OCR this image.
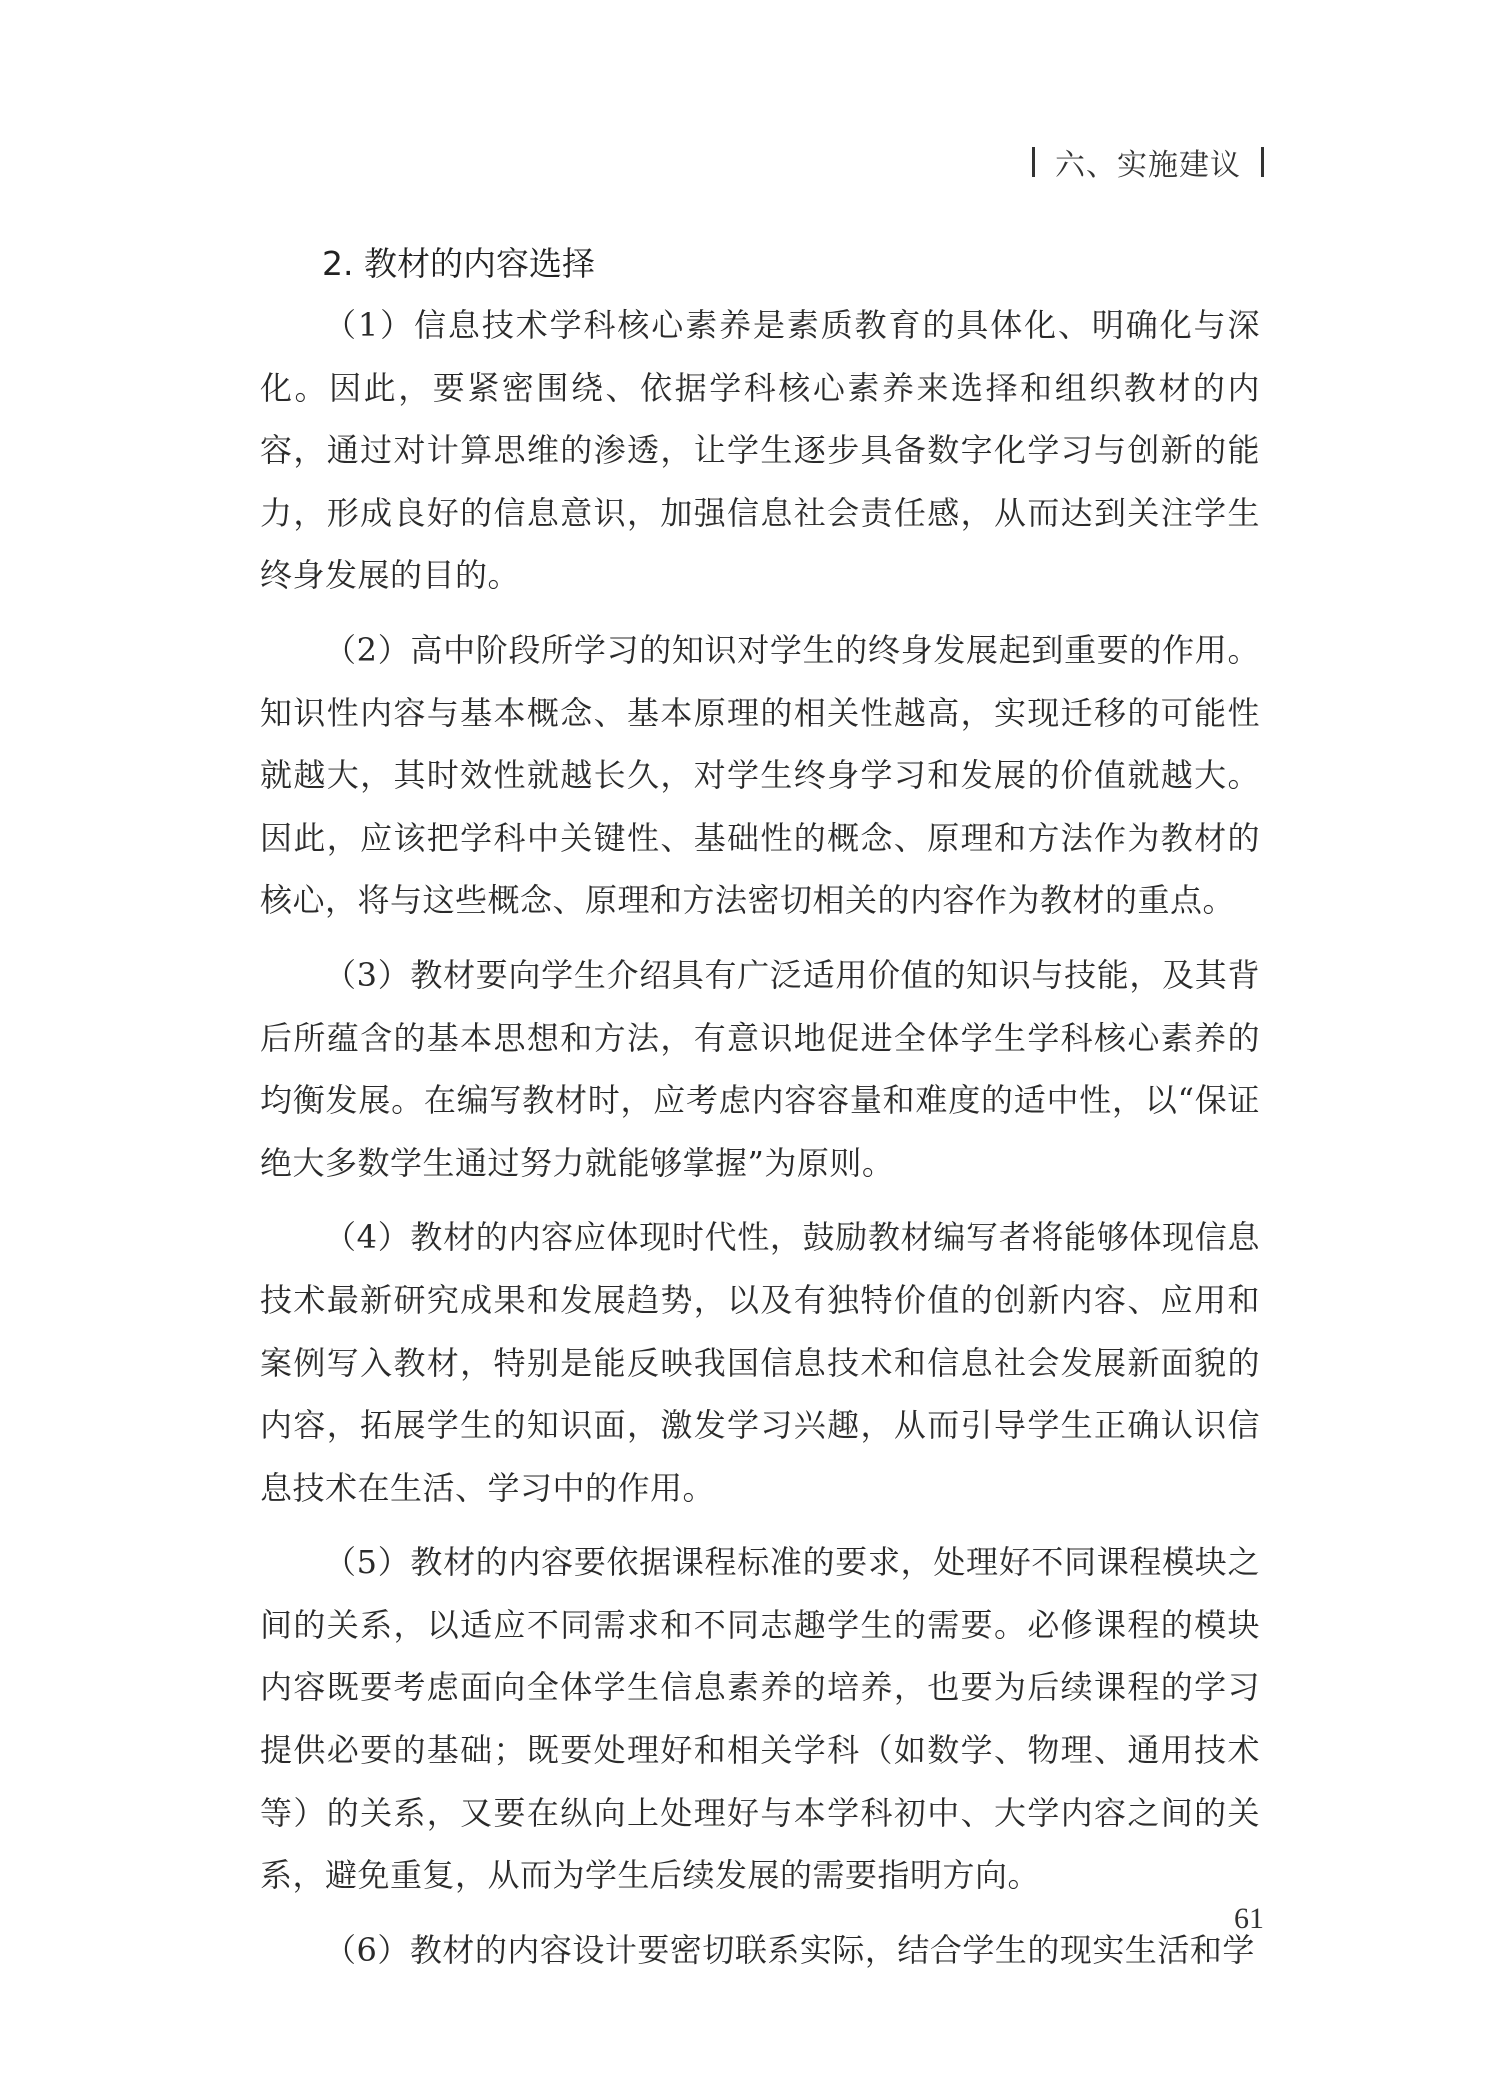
六、实施建议
2. 教材的内容选择

（1）信息技术学科核心素养是素质教育的具体化、明确化与深化。因此，要紧密围绕、依据学科核心素养来选择和组织教材的内容，通过对计算思维的渗透，让学生逐步具备数字化学习与创新的能力，形成良好的信息意识，加强信息社会责任感，从而达到关注学生终身发展的目的。

（2）高中阶段所学习的知识对学生的终身发展起到重要的作用。知识性内容与基本概念、基本原理的相关性越高，实现迁移的可能性就越大，其时效性就越长久，对学生终身学习和发展的价值就越大。因此，应该把学科中关键性、基础性的概念、原理和方法作为教材的核心，将与这些概念、原理和方法密切相关的内容作为教材的重点。

（3）教材要向学生介绍具有广泛适用价值的知识与技能，及其背后所蕴含的基本思想和方法，有意识地促进全体学生学科核心素养的均衡发展。在编写教材时，应考虑内容容量和难度的适中性，以“保证绝大多数学生通过努力就能够掌握”为原则。

（4）教材的内容应体现时代性，鼓励教材编写者将能够体现信息技术最新研究成果和发展趋势，以及有独特价值的创新内容、应用和案例写入教材，特别是能反映我国信息技术和信息社会发展新面貌的内容，拓展学生的知识面，激发学习兴趣，从而引导学生正确认识信息技术在生活、学习中的作用。

（5）教材的内容要依据课程标准的要求，处理好不同课程模块之间的关系，以适应不同需求和不同志趣学生的需要。必修课程的模块内容既要考虑面向全体学生信息素养的培养，也要为后续课程的学习提供必要的基础；既要处理好和相关学科（如数学、物理、通用技术等）的关系，又要在纵向上处理好与本学科初中、大学内容之间的关系，避免重复，从而为学生后续发展的需要指明方向。

（6）教材的内容设计要密切联系实际，结合学生的现实生活和学

61
